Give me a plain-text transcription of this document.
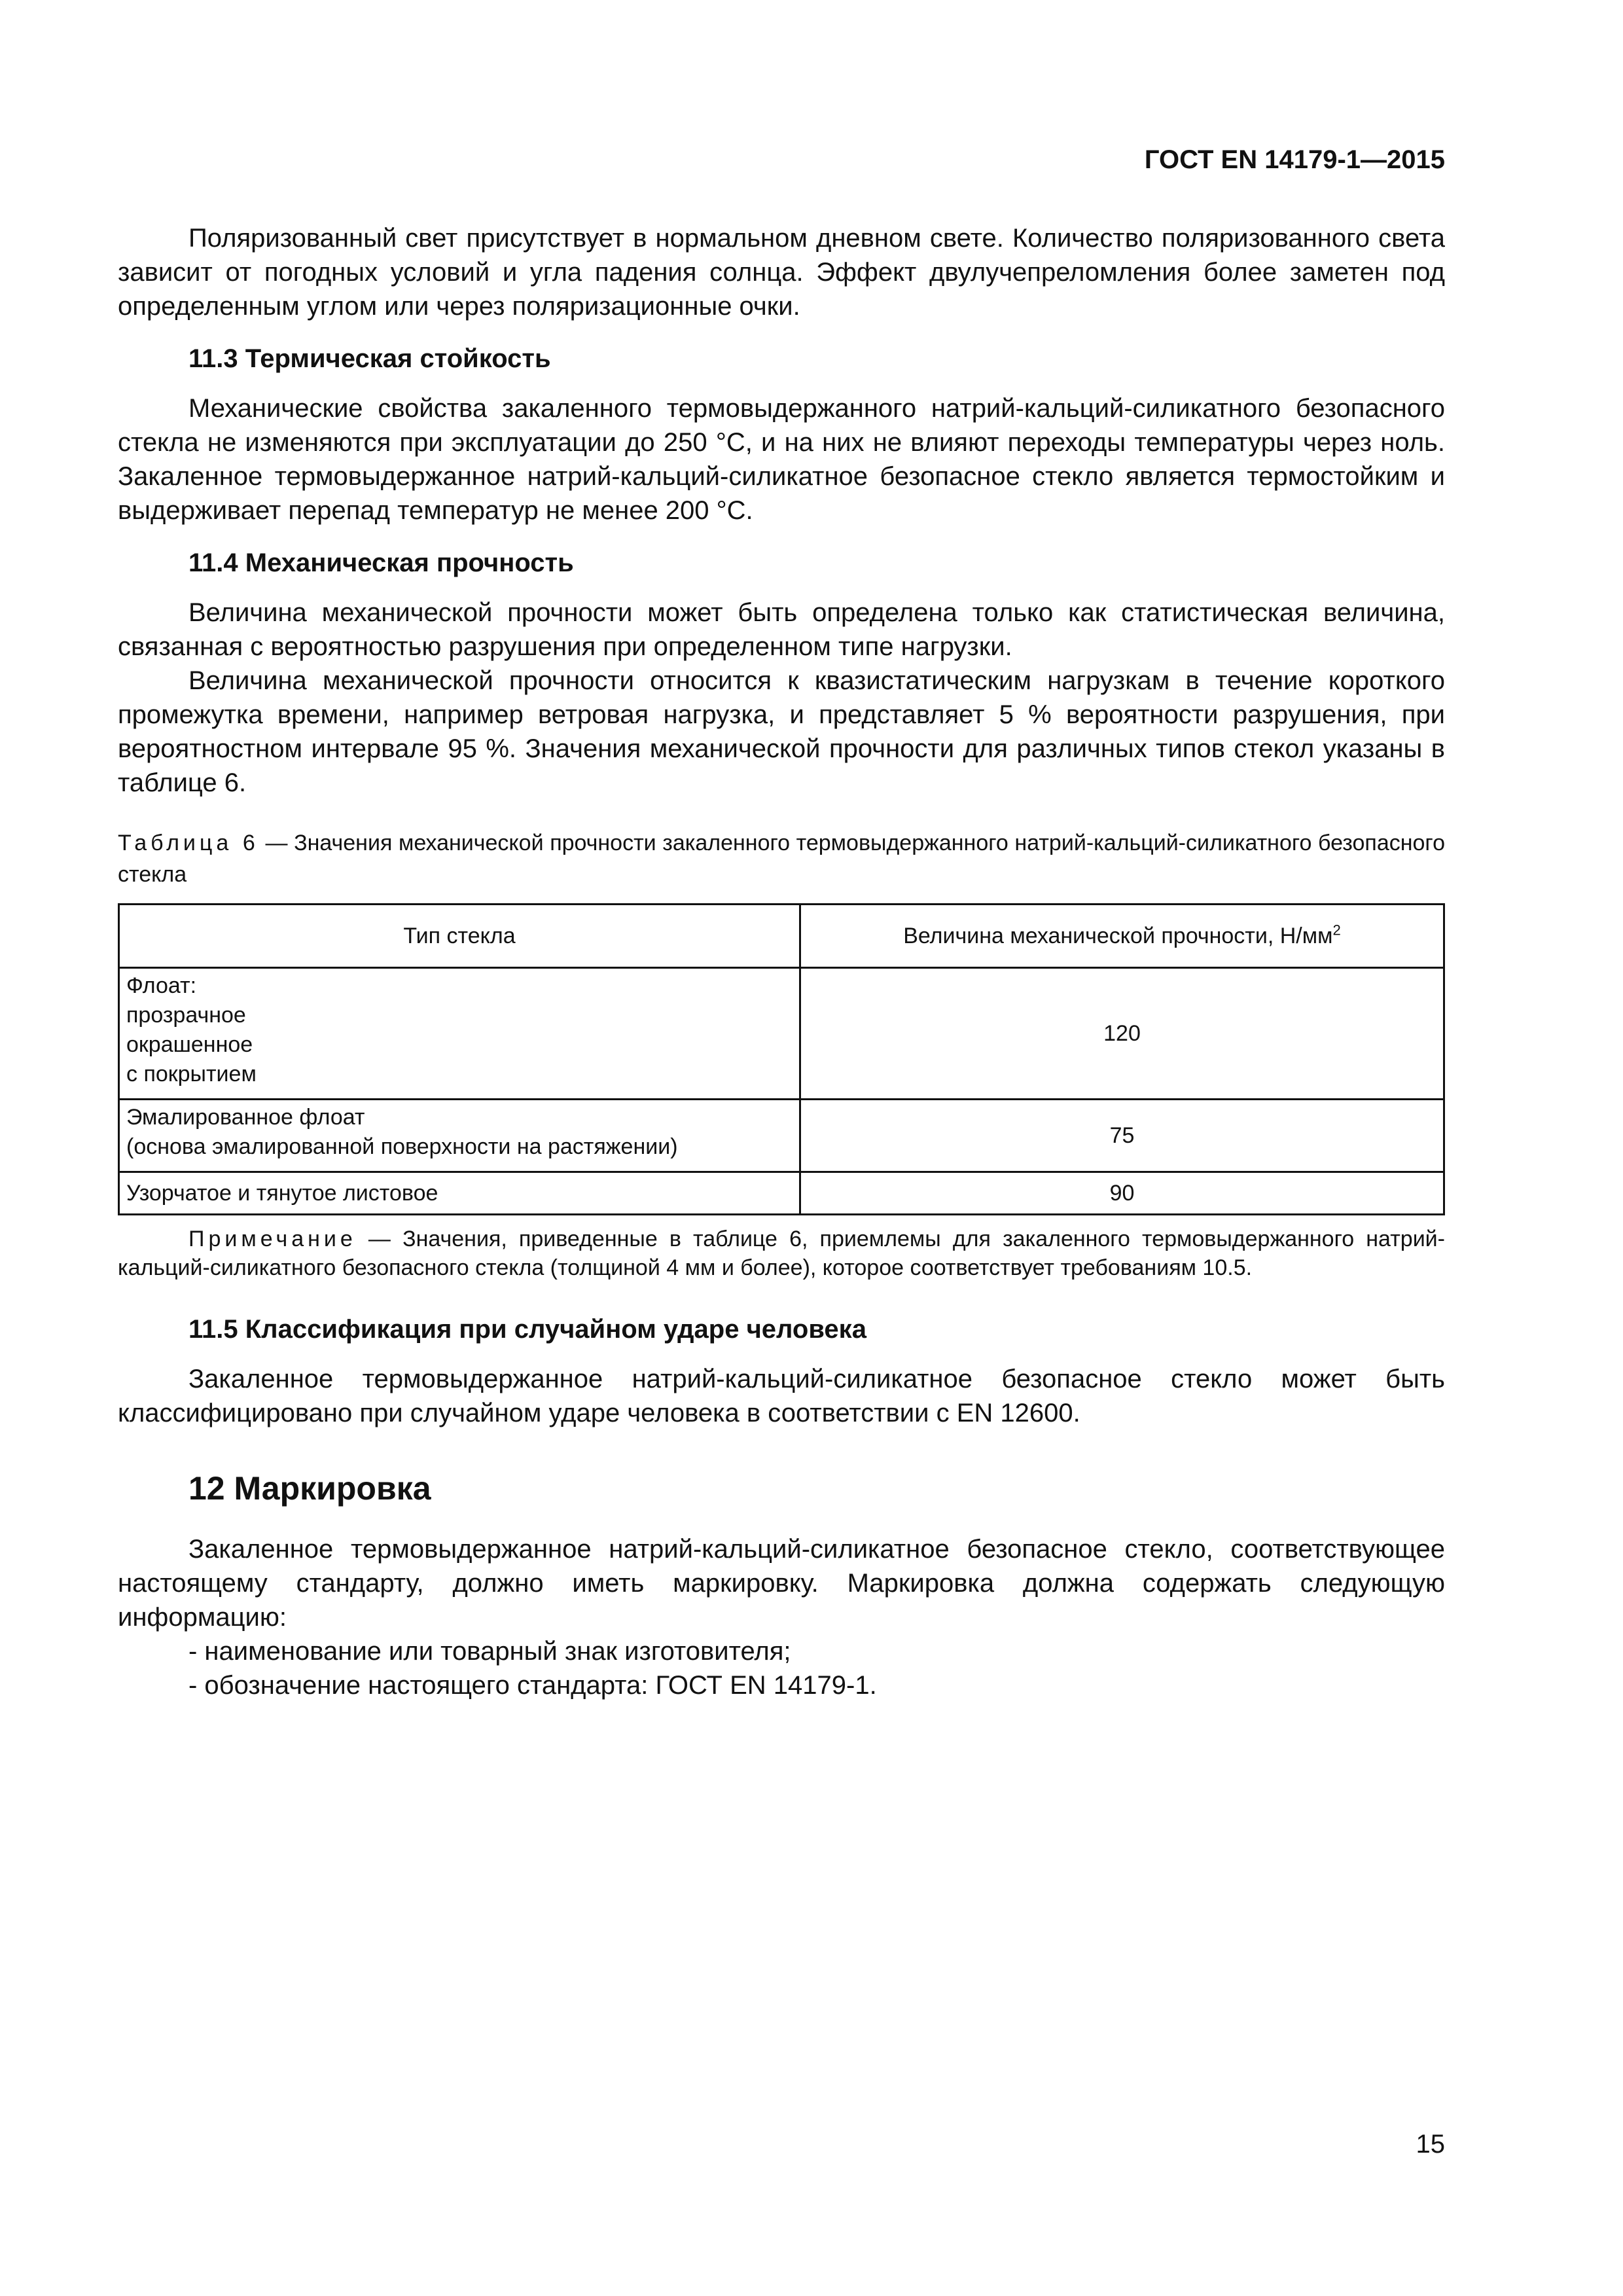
ГОСТ EN 14179-1—2015

Поляризованный свет присутствует в нормальном дневном свете. Количество поляризованного света зависит от погодных условий и угла падения солнца. Эффект двулучепреломления более заметен под определенным углом или через поляризационные очки.

11.3 Термическая стойкость

Механические свойства закаленного термовыдержанного натрий-кальций-силикатного безопасного стекла не изменяются при эксплуатации до 250 °С, и на них не влияют переходы температуры через ноль. Закаленное термовыдержанное натрий-кальций-силикатное безопасное стекло является термостойким и выдерживает перепад температур не менее 200 °С.

11.4 Механическая прочность

Величина механической прочности может быть определена только как статистическая величина, связанная с вероятностью разрушения при определенном типе нагрузки.

Величина механической прочности относится к квазистатическим нагрузкам в течение короткого промежутка времени, например ветровая нагрузка, и представляет 5 % вероятности разрушения, при вероятностном интервале 95 %. Значения механической прочности для различных типов стекол указаны в таблице 6.

Таблица 6 — Значения механической прочности закаленного термовыдержанного натрий-кальций-силикатного безопасного стекла
Тип стекла	Величина механической прочности, $Н/мм^2$

Флоат:
прозрачное
окрашенное
с покрытием	120

Эмалированное флоат
(основа эмалированной поверхности на растяжении)	75

Узорчатое и тянутое листовое	90
Примечание — Значения, приведенные в таблице 6, приемлемы для закаленного термовыдержанного натрий-кальций-силикатного безопасного стекла (толщиной 4 мм и более), которое соответствует требованиям 10.5.
11.5 Классификация при случайном ударе человека

Закаленное термовыдержанное натрий-кальций-силикатное безопасное стекло может быть классифицировано при случайном ударе человека в соответствии с EN 12600.

12 Маркировка

Закаленное термовыдержанное натрий-кальций-силикатное безопасное стекло, соответствующее настоящему стандарту, должно иметь маркировку. Маркировка должна содержать следующую информацию:

- наименование или товарный знак изготовителя;
- обозначение настоящего стандарта: ГОСТ EN 14179-1.
15
